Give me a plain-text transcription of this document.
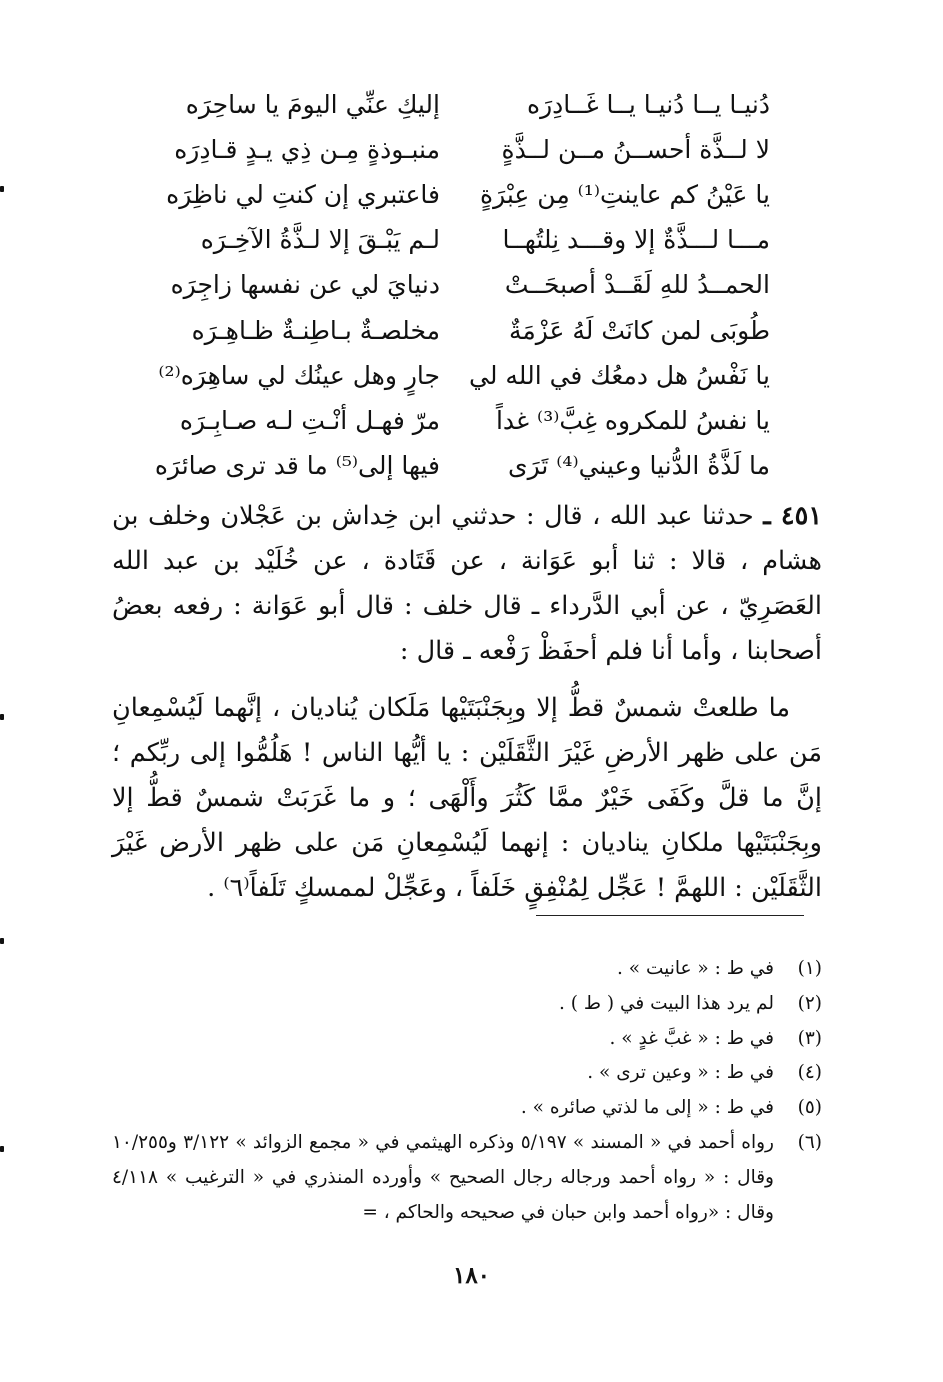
دُنيـا يــا دُنيـا يــا غَــادِرَه
إليكِ عنِّي اليومَ يا ساحِرَه
لا لــذَّة أحســنُ مــن لــذَّةٍ
منبـوذةٍ مِـن ذِي يـدٍ قـادِرَه
يا عَيْنُ كم عاينتِ⁽¹⁾ مِن عِبْرَةٍ
فاعتبري إن كنتِ لي ناظِرَه
مـــا لـــذَّةٌ إلا وقـــد نِلتُهــا
لـم يَبْـقَ إلا لـذَّةُ الآخِـرَه
الحمــدُ للهِ لَقَــدْ أصبحَــتْ
دنيايَ لي عن نفسها زاجِرَه
طُوبَى لمن كانَتْ لَهُ عَزْمَةٌ
مخلصـةٌ بـاطِنـةٌ ظـاهِـرَه
يا نَفْسُ هل دمعُك في الله لي
جارٍ وهل عينُك لي ساهِرَه⁽²⁾
يا نفسُ للمكروه غِبَّ⁽³⁾ غداً
مرّ فهـل أنْـتِ لـه صـابِـرَه
ما لَذَّةُ الدُّنيا وعيني⁽⁴⁾ تَرَى
فيها إلى⁽⁵⁾ ما قد ترى صائرَه

٤٥١ ـ حدثنا عبد الله ، قال : حدثني ابن خِداش بن عَجْلان وخلف بن هشام ، قالا : ثنا أبو عَوَانة ، عن قَتَادة ، عن خُلَيْد بن عبد الله العَصَرِيّ ، عن أبي الدَّرداء ـ قال خلف : قال أبو عَوَانة : رفعه بعضُ أصحابنا ، وأما أنا فلم أحفَظْ رَفْعه ـ قال :

ما طلعتْ شمسٌ قطُّ إلا وبِجَنْبَتَيْها مَلَكان يُناديان ، إنَّهما لَيُسْمِعانِ مَن على ظهر الأرضِ غَيْرَ الثَّقَلَيْن : يا أيُّها الناس ! هَلُمُّوا إلى ربِّكم ؛ إنَّ ما قلَّ وكَفَى خَيْرٌ ممَّا كَثُرَ وأَلْهَى ؛ و ما غَرَبَتْ شمسٌ قطُّ إلا وبِجَنْبَتَيْها ملكانِ يناديان : إنهما لَيُسْمِعانِ مَن على ظهر الأرض غَيْرَ الثَّقَلَيْن : اللهمَّ ! عَجِّل لِمُنْفِقٍ خَلَفاً ، وعَجِّلْ لممسكٍ تَلَفاً⁽٦⁾ .

(١)
في ط : « عانيت » .
(٢)
لم يرد هذا البيت في ( ط ) .
(٣)
في ط : « غبَّ غدٍ » .
(٤)
في ط : « وعين ترى » .
(٥)
في ط : « إلى ما لذتي صائره » .
(٦)
رواه أحمد في « المسند » ٥/١٩٧ وذكره الهيثمي في « مجمع الزوائد » ٣/١٢٢ و١٠/٢٥٥ وقال : « رواه أحمد ورجاله رجال الصحيح » وأورده المنذري في « الترغيب » ٤/١١٨ وقال : «رواه أحمد وابن حبان في صحيحه والحاكم ، =
١٨٠
